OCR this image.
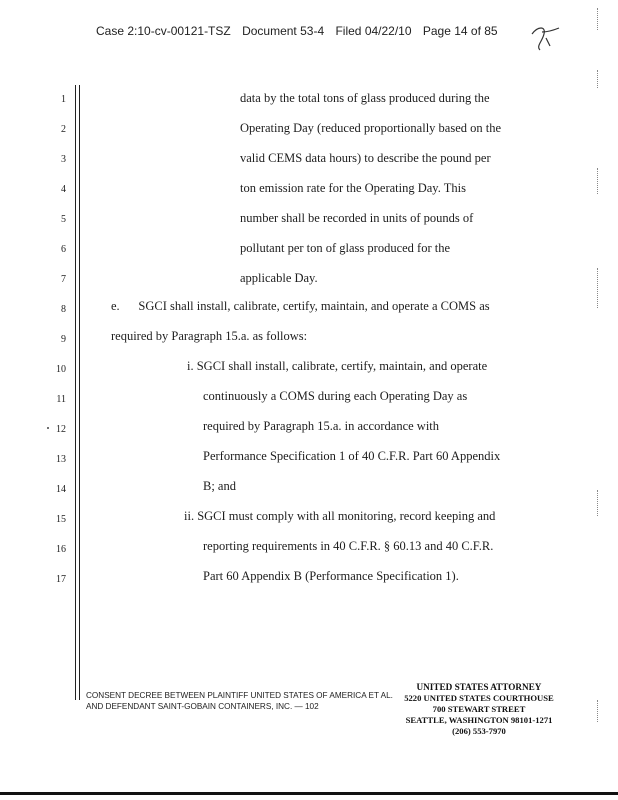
Case 2:10-cv-00121-TSZ Document 53-4 Filed 04/22/10 Page 14 of 85
1
2
3
4
5
6
7
8
9
10
11
12
13
14
15
16
17
data by the total tons of glass produced during the
Operating Day (reduced proportionally based on the
valid CEMS data hours) to describe the pound per
ton emission rate for the Operating Day. This
number shall be recorded in units of pounds of
pollutant per ton of glass produced for the
applicable Day.
e.      SGCI shall install, calibrate, certify, maintain, and operate a COMS as
required by Paragraph 15.a. as follows:
i. SGCI shall install, calibrate, certify, maintain, and operate
continuously a COMS during each Operating Day as
required by Paragraph 15.a. in accordance with
Performance Specification 1 of 40 C.F.R. Part 60 Appendix
B; and
ii. SGCI must comply with all monitoring, record keeping and
reporting requirements in 40 C.F.R. § 60.13 and 40 C.F.R.
Part 60 Appendix B (Performance Specification 1).
CONSENT DECREE BETWEEN PLAINTIFF UNITED STATES OF AMERICA ET AL.
AND DEFENDANT SAINT-GOBAIN CONTAINERS, INC. — 102
UNITED STATES ATTORNEY
5220 UNITED STATES COURTHOUSE
700 STEWART STREET
SEATTLE, WASHINGTON 98101-1271
(206) 553-7970
